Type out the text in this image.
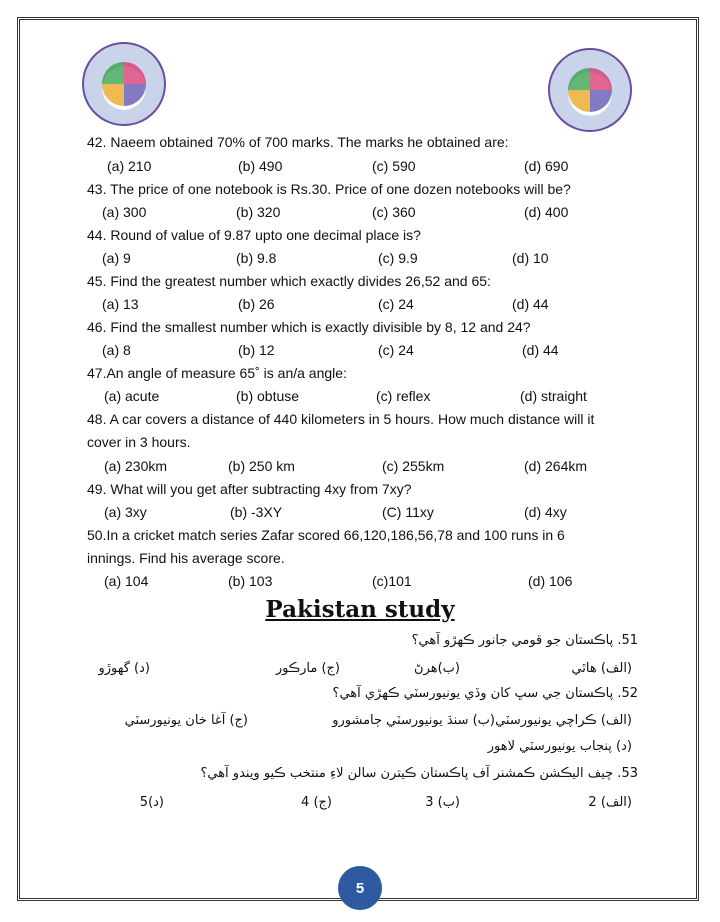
42. Naeem obtained 70% of 700 marks. The marks he obtained are:
(a) 210	(b) 490	(c) 590	(d) 690
43. The price of one notebook is Rs.30. Price of one dozen notebooks will be?
(a) 300	(b) 320	(c) 360	(d) 400
44. Round of value of 9.87 upto one decimal place is?
(a) 9	(b) 9.8	(c) 9.9	(d) 10
45. Find the greatest number which exactly divides 26,52 and 65:
(a) 13	(b) 26	(c) 24	(d) 44
46. Find the smallest number which is exactly divisible by 8, 12 and 24?
(a) 8	(b) 12	(c) 24	(d) 44
47.An angle of measure 65˚ is an/a angle:
(a) acute	(b) obtuse	(c) reflex	(d) straight
48. A car covers a distance of 440 kilometers in 5 hours. How much distance will it
cover in 3 hours.
(a) 230km	(b) 250 km	(c) 255km	(d) 264km
49. What will you get after subtracting 4xy from 7xy?
(a) 3xy	(b) -3XY	(C) 11xy	(d) 4xy
50.In a cricket match series Zafar scored 66,120,186,56,78 and 100 runs in 6
innings. Find his average score.
(a) 104	(b) 103	(c)101	(d) 106
Pakistan study
51. پاڪستان جو قومي جانور ڪهڙو آهي؟
(الف) هاٿي
(ب)هرڻ
(ج) مارڪور
(د) گهوڙو
52. پاڪستان جي سڀ کان وڏي يونيورسٽي ڪهڙي آهي؟
(الف) ڪراچي يونيورسٽي
(ب) سنڌ يونيورسٽي ڄامشورو
(ج) آغا خان يونيورسٽي
(د) پنجاب يونيورسٽي لاهور
53. چيف اليڪشن ڪمشنر آف پاڪستان ڪيترن سالن لاءِ منتخب ڪيو ويندو آهي؟
(الف) 2
(ب) 3
(ج) 4
(د)5
5
